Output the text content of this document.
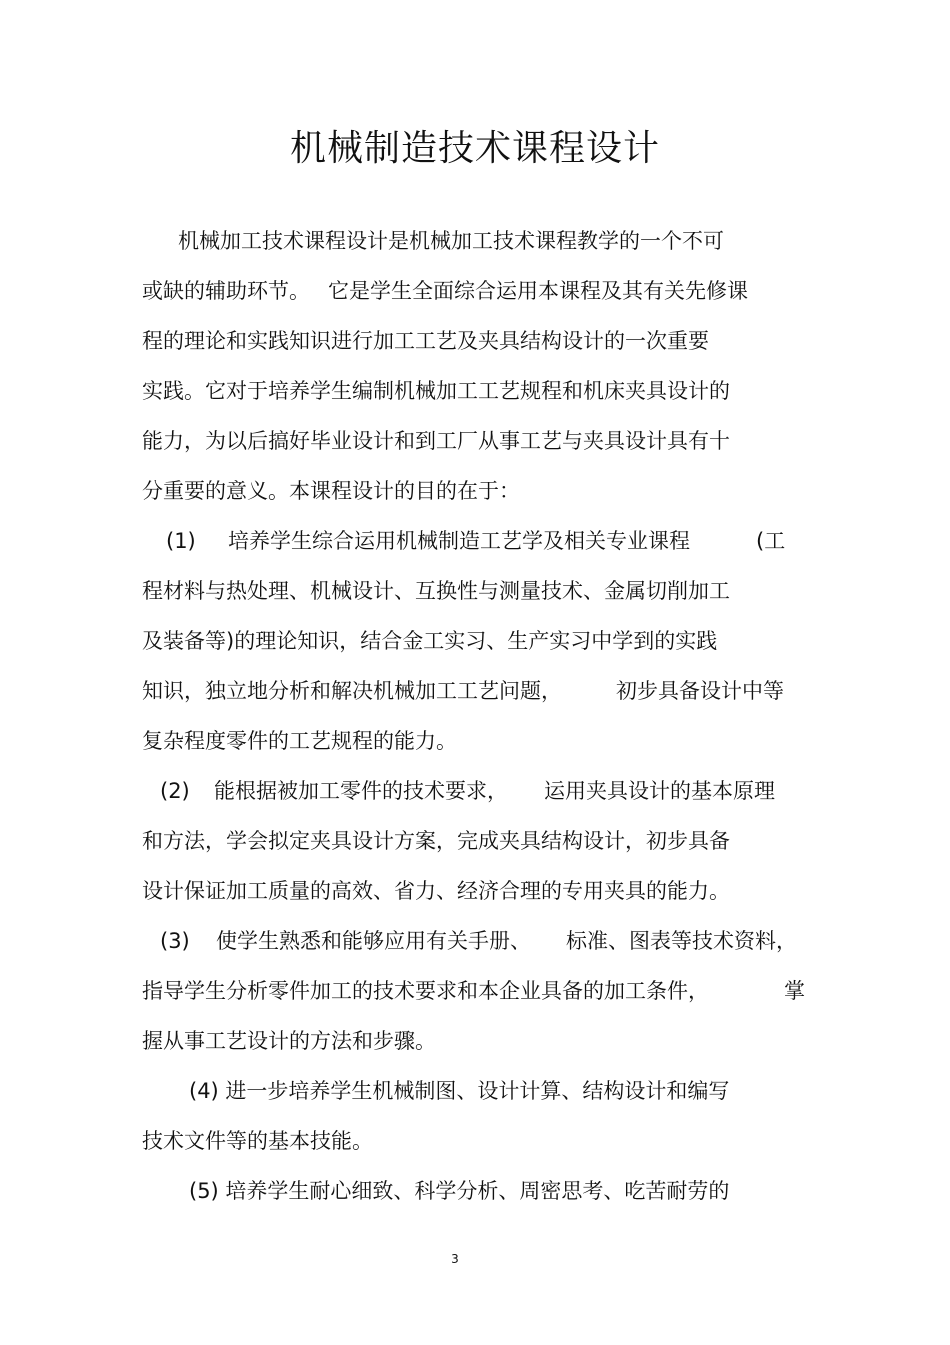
机械制造技术课程设计
机械加工技术课程设计是机械加工技术课程教学的一个不可
或缺的辅助环节。 它是学生全面综合运用本课程及其有关先修课
程的理论和实践知识进行加工工艺及夹具结构设计的一次重要
实践。它对于培养学生编制机械加工工艺规程和机床夹具设计的
能力，为以后搞好毕业设计和到工厂从事工艺与夹具设计具有十
分重要的意义。本课程设计的目的在于：
(1) 培养学生综合运用机械制造工艺学及相关专业课程	(工
程材料与热处理、机械设计、互换性与测量技术、金属切削加工
及装备等)的理论知识，结合金工实习、生产实习中学到的实践
知识，独立地分析和解决机械加工工艺问题，	初步具备设计中等
复杂程度零件的工艺规程的能力。
(2) 能根据被加工零件的技术要求， 运用夹具设计的基本原理
和方法，学会拟定夹具设计方案，完成夹具结构设计，初步具备
设计保证加工质量的高效、省力、经济合理的专用夹具的能力。
(3) 使学生熟悉和能够应用有关手册、 标准、图表等技术资料，
指导学生分析零件加工的技术要求和本企业具备的加工条件，	掌
握从事工艺设计的方法和步骤。
(4) 进一步培养学生机械制图、设计计算、结构设计和编写
技术文件等的基本技能。
(5) 培养学生耐心细致、科学分析、周密思考、吃苦耐劳的
3
